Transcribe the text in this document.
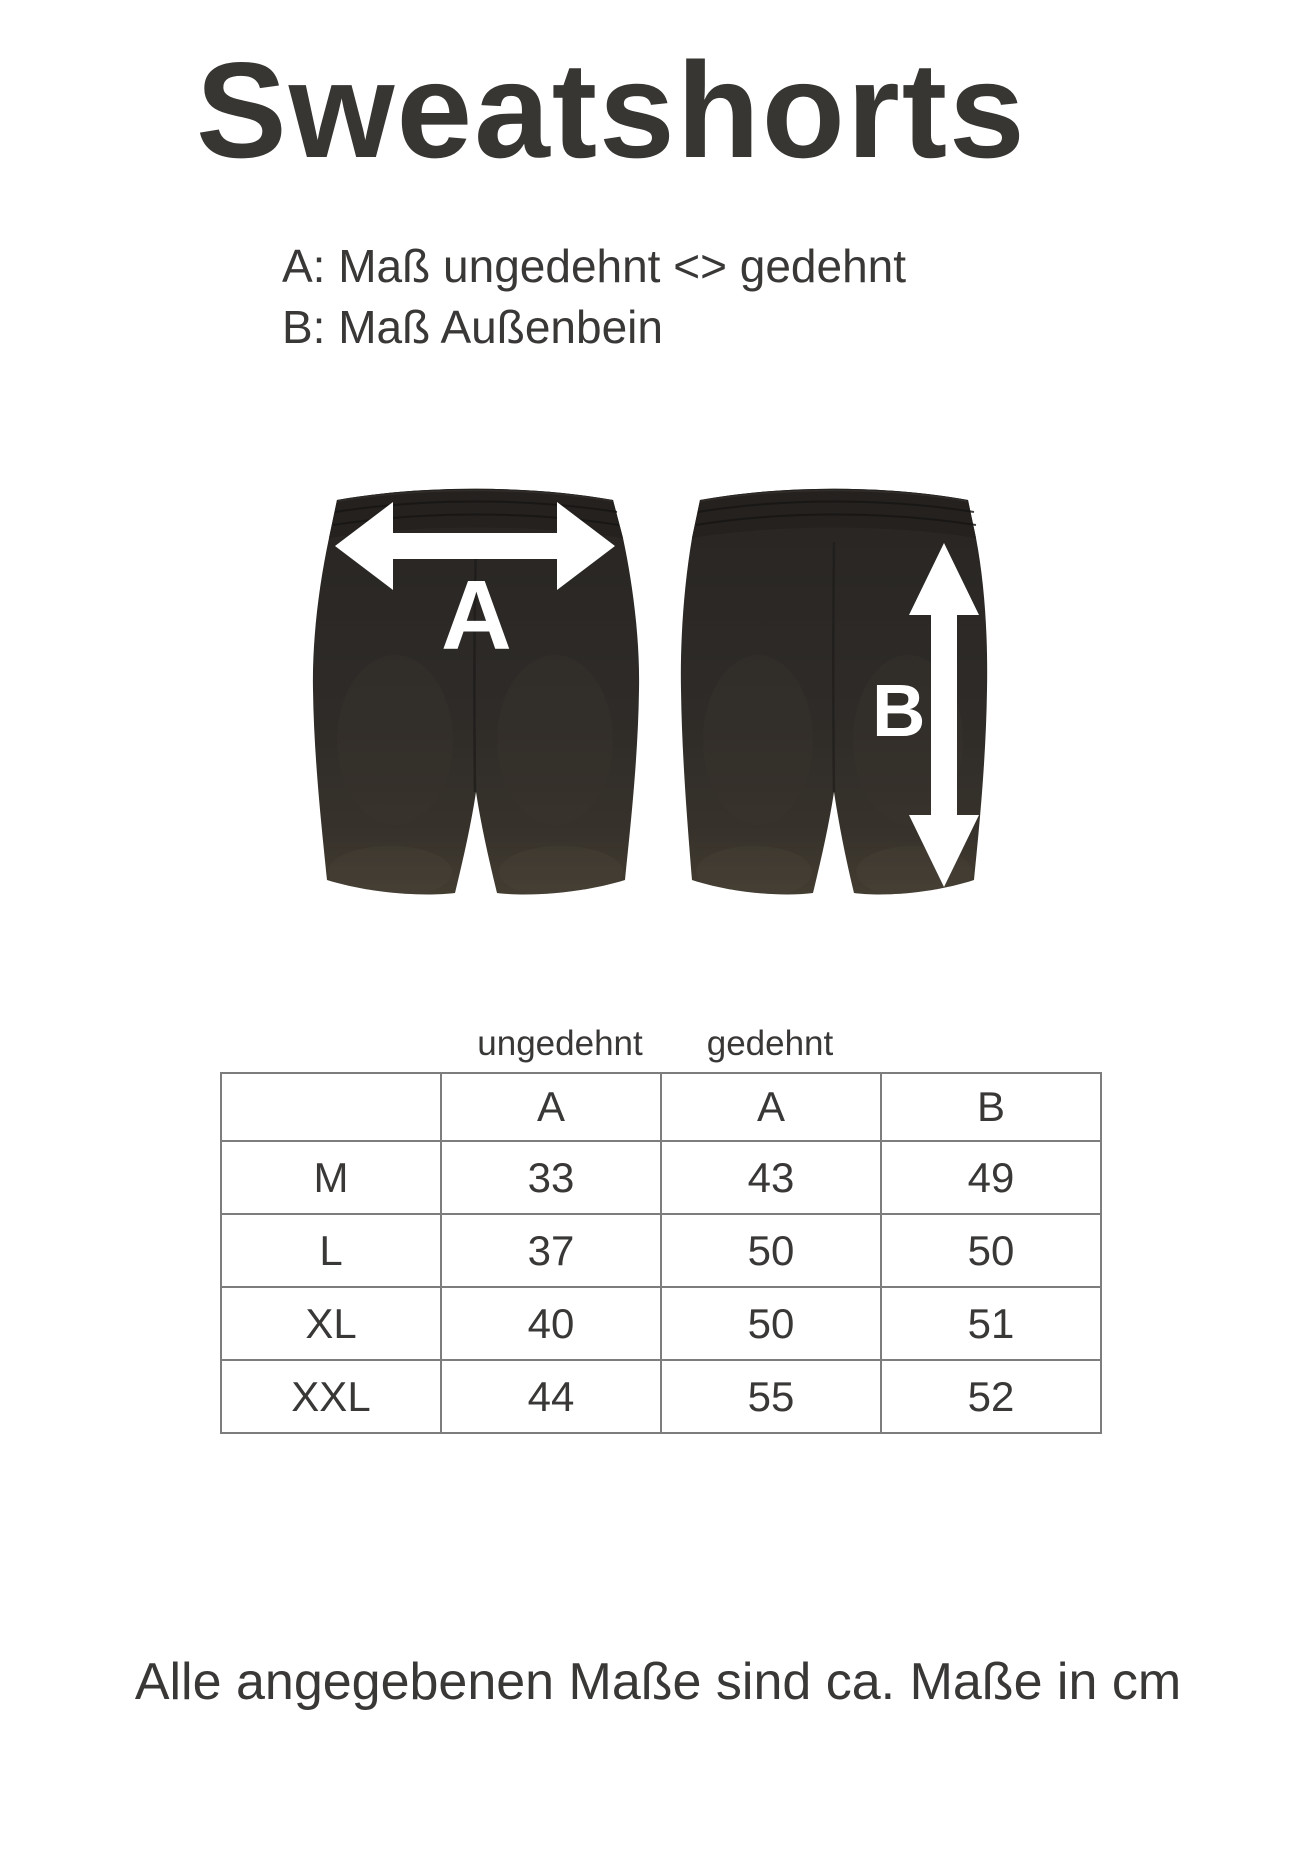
Sweatshorts
A: Maß ungedehnt <> gedehnt
B: Maß Außenbein
A
B
ungedehnt gedehnt
	A	A	B
M	33	43	49
L	37	50	50
XL	40	50	51
XXL	44	55	52
Alle angegebenen Maße sind ca. Maße in cm
